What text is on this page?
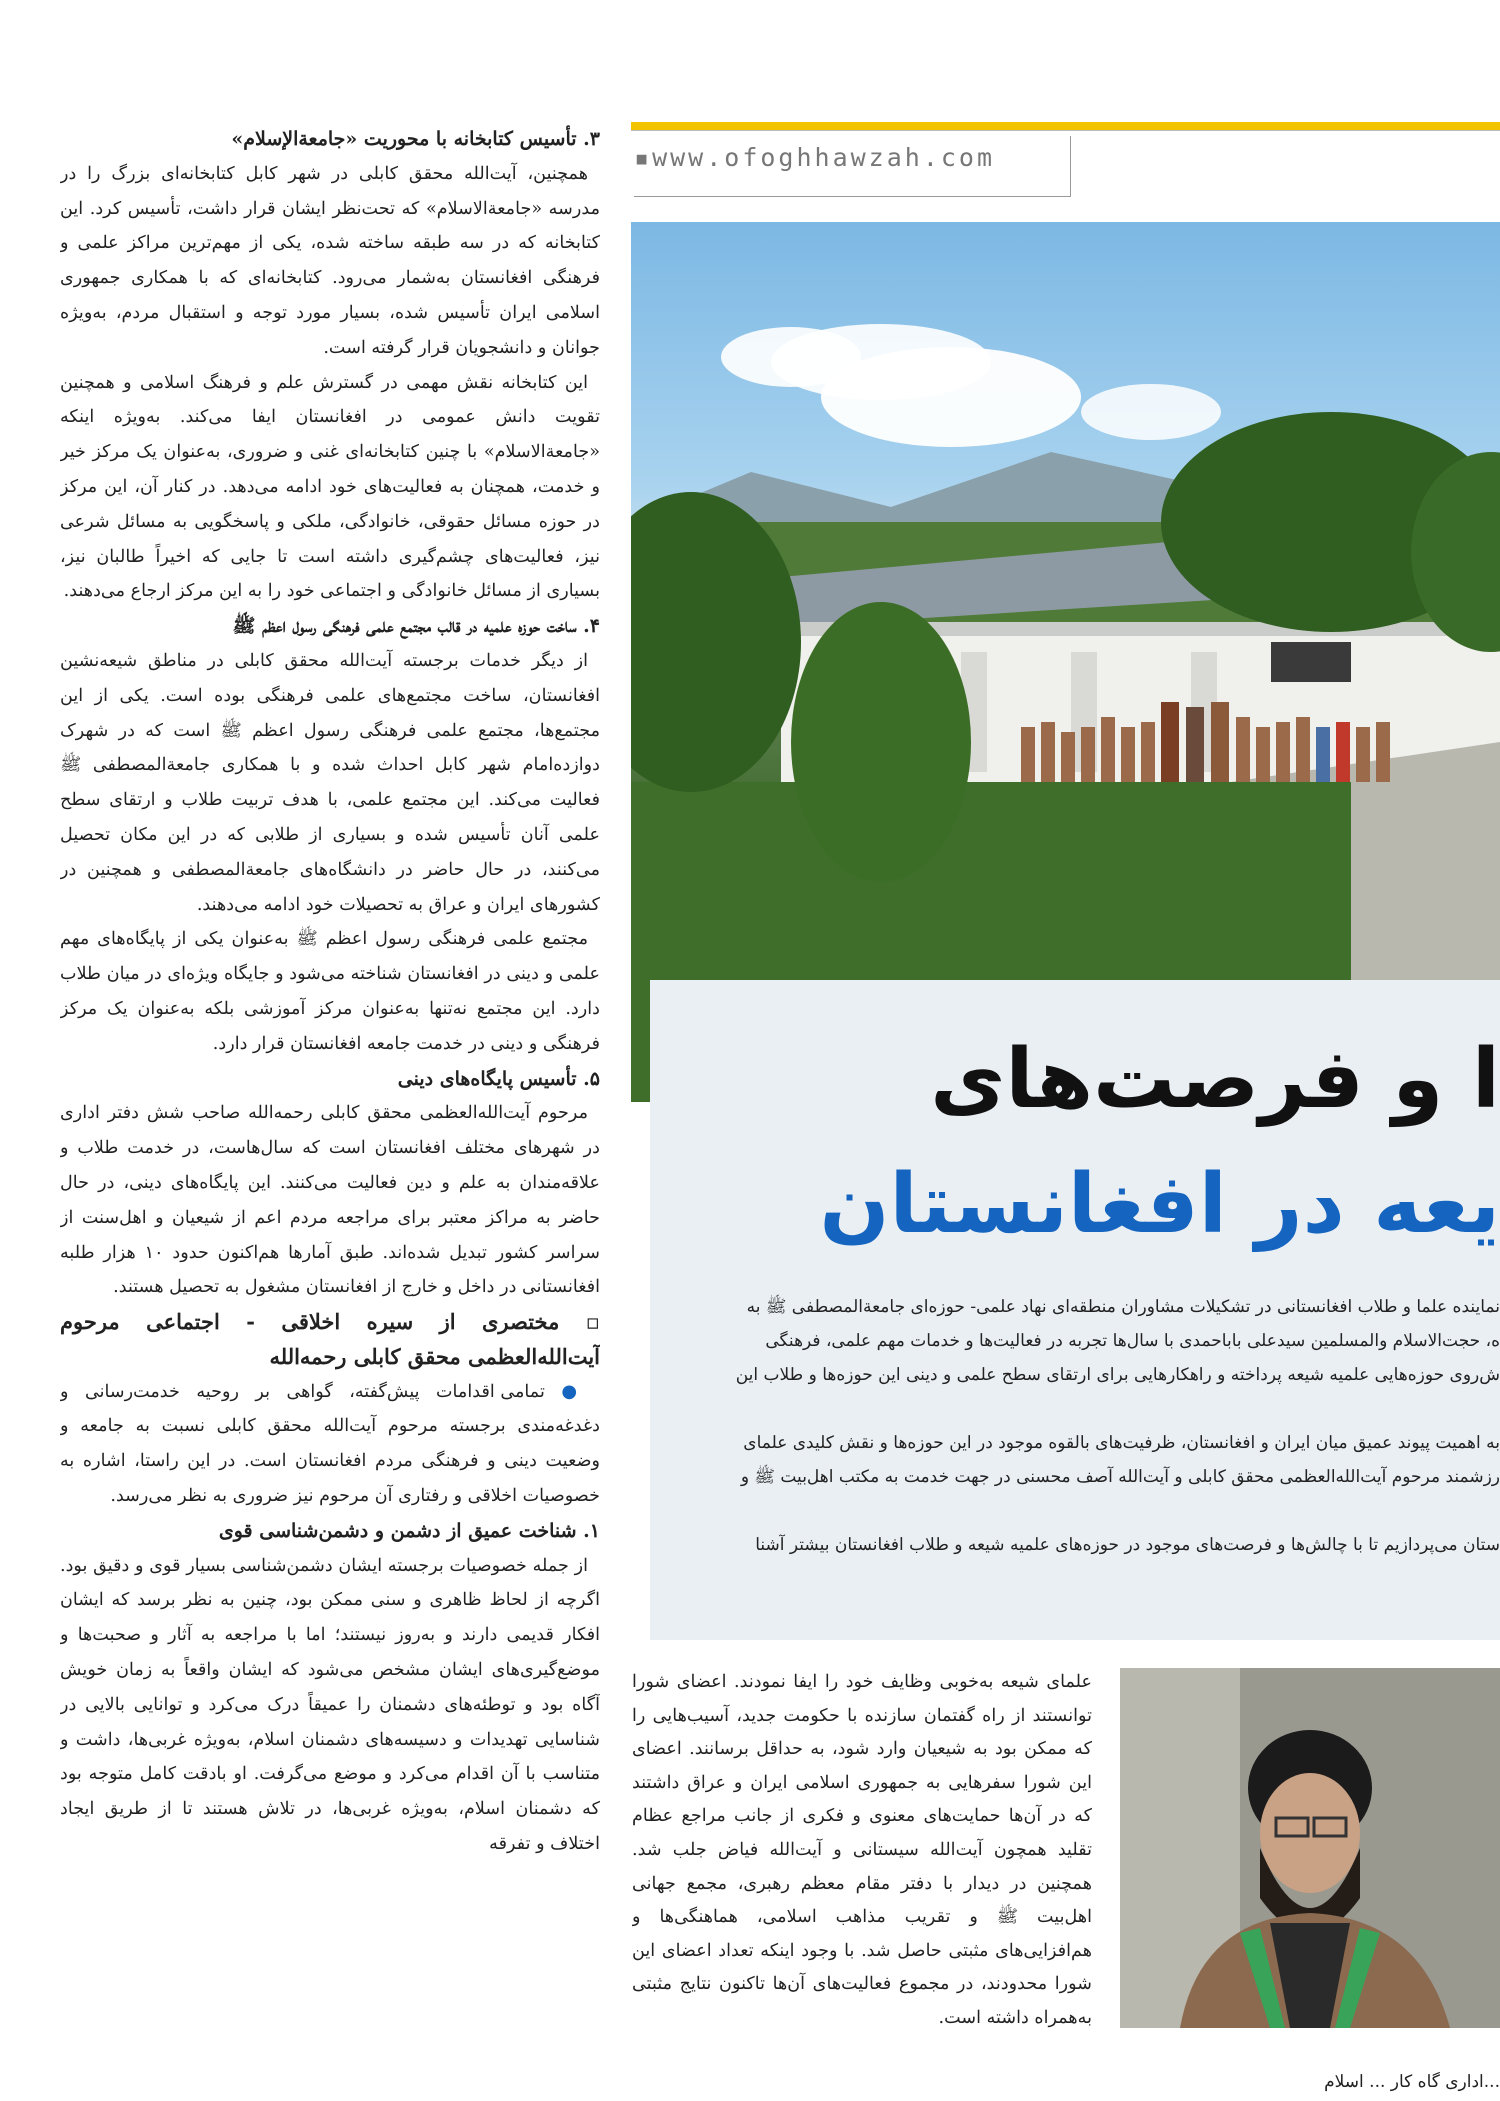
۳. تأسیس کتابخانه با محوریت «جامعة‌الإسلام»

همچنین، آیت‌الله محقق کابلی در شهر کابل کتابخانه‌ای بزرگ را در مدرسه «جامعة‌الاسلام» که تحت‌نظر ایشان قرار داشت، تأسیس کرد. این کتابخانه که در سه طبقه ساخته شده، یکی از مهم‌ترین مراکز علمی و فرهنگی افغانستان به‌شمار می‌رود. کتابخانه‌ای که با همکاری جمهوری اسلامی ایران تأسیس شده، بسیار مورد توجه و استقبال مردم، به‌ویژه جوانان و دانشجویان قرار گرفته است.

این کتابخانه نقش مهمی در گسترش علم و فرهنگ اسلامی و همچنین تقویت دانش عمومی در افغانستان ایفا می‌کند. به‌ویژه اینکه «جامعة‌الاسلام» با چنین کتابخانه‌ای غنی و ضروری، به‌عنوان یک مرکز خیر و خدمت، همچنان به فعالیت‌های خود ادامه می‌دهد. در کنار آن، این مرکز در حوزه مسائل حقوقی، خانوادگی، ملکی و پاسخگویی به مسائل شرعی نیز، فعالیت‌های چشم‌گیری داشته است تا جایی که اخیراً طالبان نیز، بسیاری از مسائل خانوادگی و اجتماعی خود را به این مرکز ارجاع می‌دهند.

۴. ساخت حوزه علمیه در قالب مجتمع علمی فرهنگی رسول اعظم ﷺ

از دیگر خدمات برجسته آیت‌الله محقق کابلی در مناطق شیعه‌نشین افغانستان، ساخت مجتمع‌های علمی فرهنگی بوده است. یکی از این مجتمع‌ها، مجتمع علمی فرهنگی رسول اعظم ﷺ است که در شهرک دوازده‌امام شهر کابل احداث شده و با همکاری جامعة‌المصطفی ﷺ فعالیت می‌کند. این مجتمع علمی، با هدف تربیت طلاب و ارتقای سطح علمی آنان تأسیس شده و بسیاری از طلابی که در این مکان تحصیل می‌کنند، در حال حاضر در دانشگاه‌های جامعة‌المصطفی و همچنین در کشورهای ایران و عراق به تحصیلات خود ادامه می‌دهند.

مجتمع علمی فرهنگی رسول اعظم ﷺ به‌عنوان یکی از پایگاه‌های مهم علمی و دینی در افغانستان شناخته می‌شود و جایگاه ویژه‌ای در میان طلاب دارد. این مجتمع نه‌تنها به‌عنوان مرکز آموزشی بلکه به‌عنوان یک مرکز فرهنگی و دینی در خدمت جامعه افغانستان قرار دارد.

۵. تأسیس پایگاه‌های دینی

مرحوم آیت‌الله‌العظمی محقق کابلی رحمه‌الله صاحب شش دفتر اداری در شهرهای مختلف افغانستان است که سال‌هاست، در خدمت طلاب و علاقه‌مندان به علم و دین فعالیت می‌کنند. این پایگاه‌های دینی، در حال حاضر به مراکز معتبر برای مراجعه مردم اعم از شیعیان و اهل‌سنت از سراسر کشور تبدیل شده‌اند. طبق آمارها هم‌اکنون حدود ۱۰ هزار طلبه افغانستانی در داخل و خارج از افغانستان مشغول به تحصیل هستند.

▫ مختصری از سیره اخلاقی - اجتماعی مرحوم آیت‌الله‌العظمی محقق کابلی رحمه‌الله

● تمامی اقدامات پیش‌گفته، گواهی بر روحیه خدمت‌رسانی و دغدغه‌مندی برجسته مرحوم آیت‌الله محقق کابلی نسبت به جامعه و وضعیت دینی و فرهنگی مردم افغانستان است. در این راستا، اشاره به خصوصیات اخلاقی و رفتاری آن مرحوم نیز ضروری به نظر می‌رسد.

۱. شناخت عمیق از دشمن و دشمن‌شناسی قوی

از جمله خصوصیات برجسته ایشان دشمن‌شناسی بسیار قوی و دقیق بود. اگرچه از لحاظ ظاهری و سنی ممکن بود، چنین به نظر برسد که ایشان افکار قدیمی دارند و به‌روز نیستند؛ اما با مراجعه به آثار و صحبت‌ها و موضع‌گیری‌های ایشان مشخص می‌شود که ایشان واقعاً به زمان خویش آگاه بود و توطئه‌های دشمنان را عمیقاً درک می‌کرد و توانایی بالایی در شناسایی تهدیدات و دسیسه‌های دشمنان اسلام، به‌ویژه غربی‌ها، داشت و متناسب با آن اقدام می‌کرد و موضع می‌گرفت. او بادقت کامل متوجه بود که دشمنان اسلام، به‌ویژه غربی‌ها، در تلاش هستند تا از طریق ایجاد اختلاف و تفرقه

▪www.ofoghhawzah.com
ا و فرصت‌های
یعه در افغانستان

نماینده علما و طلاب افغانستانی در تشکیلات مشاوران منطقه‌ای نهاد علمی- حوزه‌ای جامعة‌المصطفی ﷺ به

ه، حجت‌الاسلام والمسلمین سیدعلی باباحمدی با سال‌ها تجربه در فعالیت‌ها و خدمات مهم علمی، فرهنگی

ش‌روی حوزه‌هایی علمیه شیعه پرداخته و راهکارهایی برای ارتقای سطح علمی و دینی این حوزه‌ها و طلاب این

به اهمیت پیوند عمیق میان ایران و افغانستان، ظرفیت‌های بالقوه موجود در این حوزه‌ها و نقش کلیدی علمای

رزشمند مرحوم آیت‌الله‌العظمی محقق کابلی و آیت‌الله آصف محسنی در جهت خدمت به مکتب اهل‌بیت ﷺ و

ستان می‌پردازیم تا با چالش‌ها و فرصت‌های موجود در حوزه‌های علمیه شیعه و طلاب افغانستان بیشتر آشنا

علمای شیعه به‌خوبی وظایف خود را ایفا نمودند. اعضای شورا توانستند از راه گفتمان سازنده با حکومت جدید، آسیب‌هایی را که ممکن بود به شیعیان وارد شود، به حداقل برسانند. اعضای این شورا سفرهایی به جمهوری اسلامی ایران و عراق داشتند که در آن‌ها حمایت‌های معنوی و فکری از جانب مراجع عظام تقلید همچون آیت‌الله سیستانی و آیت‌الله فیاض جلب شد. همچنین در دیدار با دفتر مقام معظم رهبری، مجمع جهانی اهل‌بیت ﷺ و تقریب مذاهب اسلامی، هماهنگی‌ها و هم‌افزایی‌های مثبتی حاصل شد. با وجود اینکه تعداد اعضای این شورا محدودند، در مجموع فعالیت‌های آن‌ها تاکنون نتایج مثبتی به‌همراه داشته است.

...اداری گاه کار ... اسلام
